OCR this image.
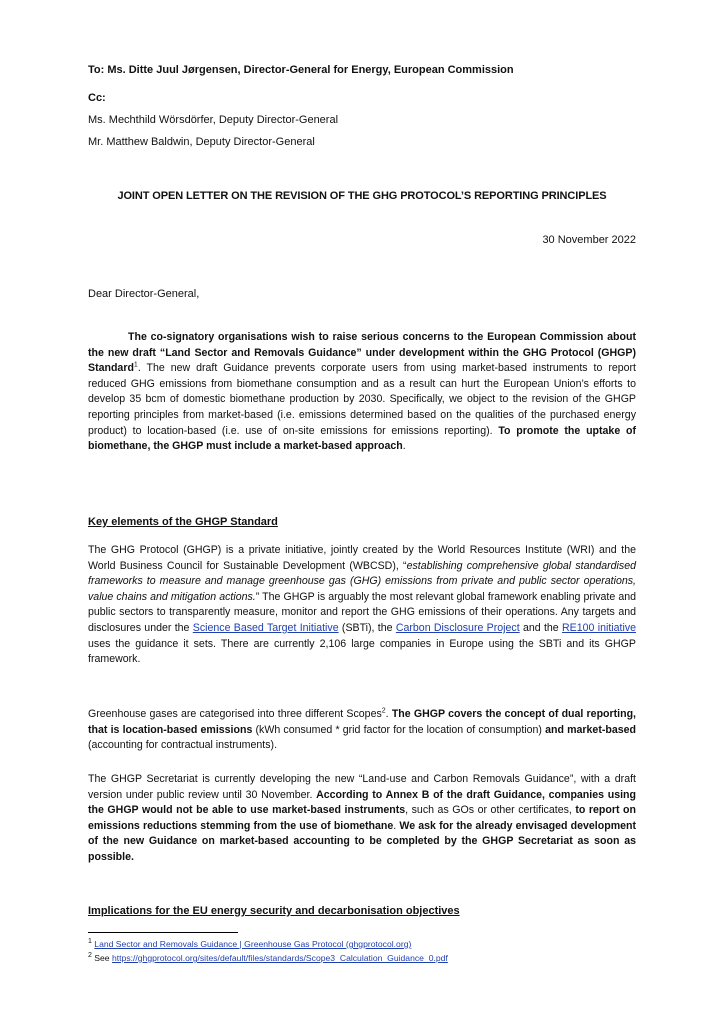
To: Ms. Ditte Juul Jørgensen, Director-General for Energy, European Commission
Cc:
Ms. Mechthild Wörsdörfer, Deputy Director-General
Mr. Matthew Baldwin, Deputy Director-General
JOINT OPEN LETTER ON THE REVISION OF THE GHG PROTOCOL’S REPORTING PRINCIPLES
30 November 2022
Dear Director-General,

The co-signatory organisations wish to raise serious concerns to the European Commission about the new draft “Land Sector and Removals Guidance” under development within the GHG Protocol (GHGP) Standard$^1$. The new draft Guidance prevents corporate users from using market-based instruments to report reduced GHG emissions from biomethane consumption and as a result can hurt the European Union’s efforts to develop 35 bcm of domestic biomethane production by 2030. Specifically, we object to the revision of the GHGP reporting principles from market-based (i.e. emissions determined based on the qualities of the purchased energy product) to location-based (i.e. use of on-site emissions for emissions reporting). To promote the uptake of biomethane, the GHGP must include a market-based approach.

Key elements of the GHGP Standard

The GHG Protocol (GHGP) is a private initiative, jointly created by the World Resources Institute (WRI) and the World Business Council for Sustainable Development (WBCSD), “establishing comprehensive global standardised frameworks to measure and manage greenhouse gas (GHG) emissions from private and public sector operations, value chains and mitigation actions.” The GHGP is arguably the most relevant global framework enabling private and public sectors to transparently measure, monitor and report the GHG emissions of their operations. Any targets and disclosures under the Science Based Target Initiative (SBTi), the Carbon Disclosure Project and the RE100 initiative uses the guidance it sets. There are currently 2,106 large companies in Europe using the SBTi and its GHGP framework.

Greenhouse gases are categorised into three different Scopes$^2$. The GHGP covers the concept of dual reporting, that is location-based emissions (kWh consumed * grid factor for the location of consumption) and market-based (accounting for contractual instruments).

The GHGP Secretariat is currently developing the new “Land-use and Carbon Removals Guidance”, with a draft version under public review until 30 November. According to Annex B of the draft Guidance, companies using the GHGP would not be able to use market-based instruments, such as GOs or other certificates, to report on emissions reductions stemming from the use of biomethane. We ask for the already envisaged development of the new Guidance on market-based accounting to be completed by the GHGP Secretariat as soon as possible.

Implications for the EU energy security and decarbonisation objectives
$^1$ Land Sector and Removals Guidance | Greenhouse Gas Protocol (ghgprotocol.org)
$^2$ See https://ghgprotocol.org/sites/default/files/standards/Scope3_Calculation_Guidance_0.pdf
